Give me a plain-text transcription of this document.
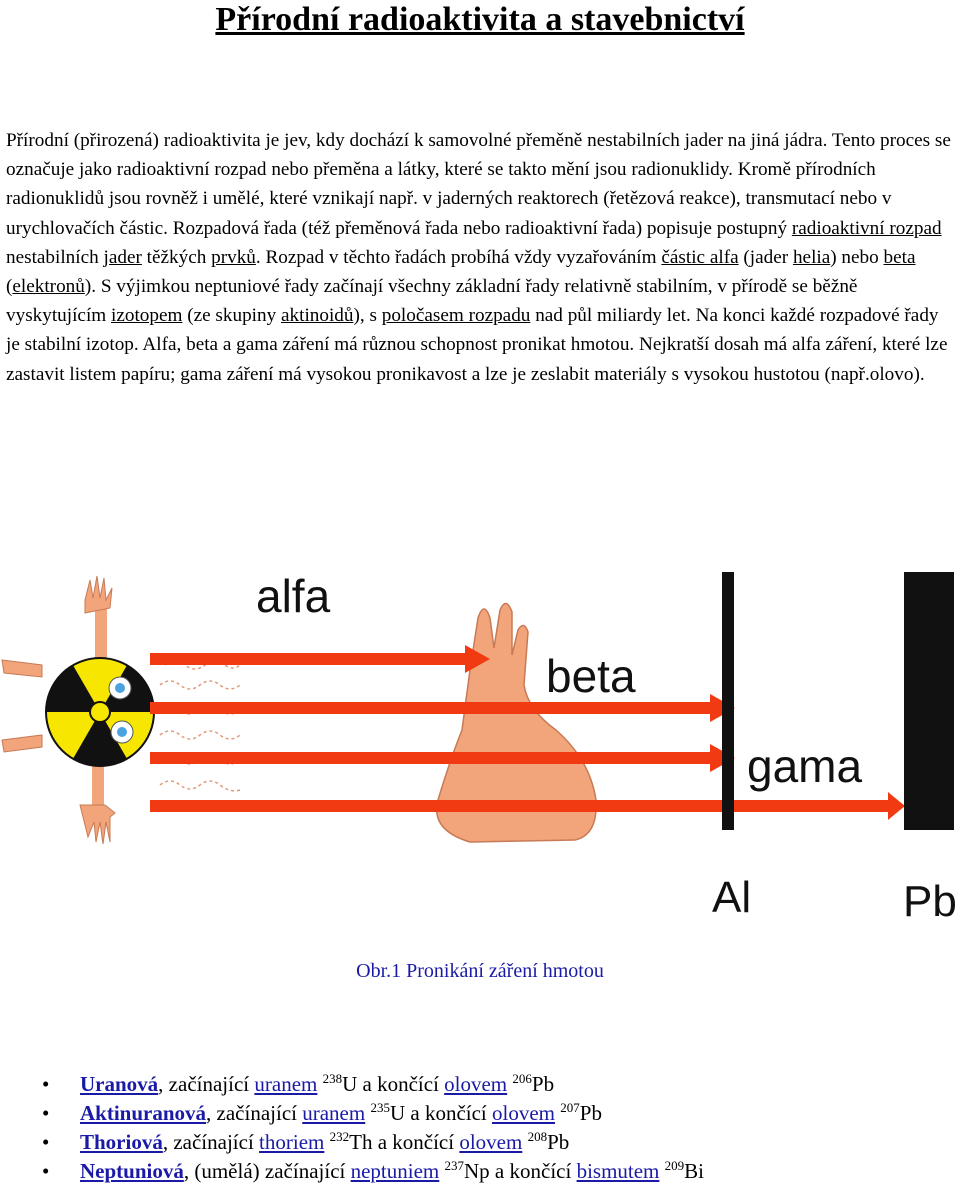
Přírodní radioaktivita a stavebnictví

Přírodní (přirozená) radioaktivita je jev, kdy dochází k samovolné přeměně nestabilních jader na jiná jádra. Tento proces se označuje jako radioaktivní rozpad nebo přeměna a látky, které se takto mění jsou radionuklidy. Kromě přírodních radionuklidů jsou rovněž i umělé, které vznikají např. v jaderných reaktorech (řetězová reakce), transmutací nebo v urychlovačích částic. Rozpadová řada (též přeměnová řada nebo radioaktivní řada) popisuje postupný radioaktivní rozpad nestabilních jader těžkých prvků. Rozpad v těchto řadách probíhá vždy vyzařováním částic alfa (jader helia) nebo beta (elektronů). S výjimkou neptuniové řady začínají všechny základní řady relativně stabilním, v přírodě se běžně vyskytujícím izotopem (ze skupiny aktinoidů), s poločasem rozpadu nad půl miliardy let. Na konci každé rozpadové řady je stabilní izotop. Alfa, beta a gama záření má různou schopnost pronikat hmotou. Nejkratší dosah má alfa záření, které lze zastavit listem papíru; gama záření má vysokou pronikavost a lze je zeslabit materiály s vysokou hustotou (např.olovo).

alfa
beta
gama
Al	Pb
Obr.1 Pronikání záření hmotou
• Uranová, začínající uranem $^{238}$U a končící olovem $^{206}$Pb
• Aktinuranová, začínající uranem $^{235}$U a končící olovem $^{207}$Pb
• Thoriová, začínající thoriem $^{232}$Th a končící olovem $^{208}$Pb
• Neptuniová, (umělá) začínající neptuniem $^{237}$Np a končící bismutem $^{209}$Bi
